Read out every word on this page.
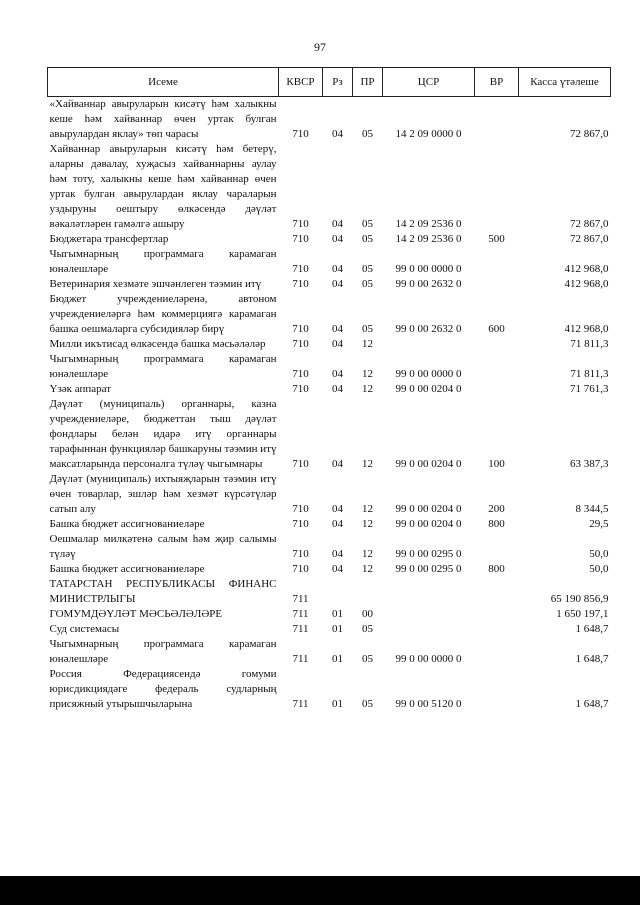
97
Исеме	КВСР	Рз	ПР	ЦСР	ВР	Касса үтәлеше
«Хайваннар авыруларын кисәтү һәм халыкны кеше һәм хайваннар өчен уртак булган авырулардан яклау» төп чарасы	710	04	05	14 2 09 0000 0		72 867,0
Хайваннар авыруларын кисәтү һәм бетерү, аларны дәвалау, хуҗасыз хайваннарны аулау һәм тоту, халыкны кеше һәм хайваннар өчен уртак булган авырулардан яклау чараларын уздыруны оештыру өлкәсендә дәүләт вәкаләтләрен гамәлгә ашыру	710	04	05	14 2 09 2536 0		72 867,0
Бюджетара трансфертлар	710	04	05	14 2 09 2536 0	500	72 867,0
Чыгымнарның программага карамаган юнәлешләре	710	04	05	99 0 00 0000 0		412 968,0
Ветеринария хезмәте эшчәнлеген тәэмин итү	710	04	05	99 0 00 2632 0		412 968,0
Бюджет учреждениеләренә, автоном учреждениеләргә һәм коммерциягә карамаган башка оешмаларга субсидияләр бирү	710	04	05	99 0 00 2632 0	600	412 968,0
Милли икътисад өлкәсендә башка мәсьәләләр	710	04	12			71 811,3
Чыгымнарның программага карамаган юнәлешләре	710	04	12	99 0 00 0000 0		71 811,3
Үзәк аппарат	710	04	12	99 0 00 0204 0		71 761,3
Дәүләт (муниципаль) органнары, казна учреждениеләре, бюджеттан тыш дәүләт фондлары белән идарә итү органнары тарафыннан функцияләр башкаруны тәэмин итү максатларында персоналга түләү чыгымнары	710	04	12	99 0 00 0204 0	100	63 387,3
Дәүләт (муниципаль) ихтыяҗларын тәэмин итү өчен товарлар, эшләр һәм хезмәт күрсәтүләр сатып алу	710	04	12	99 0 00 0204 0	200	8 344,5
Башка бюджет ассигнованиеләре	710	04	12	99 0 00 0204 0	800	29,5
Оешмалар милкәтенә салым һәм җир салымы түләү	710	04	12	99 0 00 0295 0		50,0
Башка бюджет ассигнованиеләре	710	04	12	99 0 00 0295 0	800	50,0
ТАТАРСТАН РЕСПУБЛИКАСЫ ФИНАНС МИНИСТРЛЫГЫ	711					65 190 856,9
ГОМУМДӘҮЛӘТ МӘСЬӘЛӘЛӘРЕ	711	01	00			1 650 197,1
Суд системасы	711	01	05			1 648,7
Чыгымнарның программага карамаган юнәлешләре	711	01	05	99 0 00 0000 0		1 648,7
Россия Федерациясендә гомуми юрисдикциядәге федераль судларның присяжный утырышчыларына	711	01	05	99 0 00 5120 0		1 648,7
